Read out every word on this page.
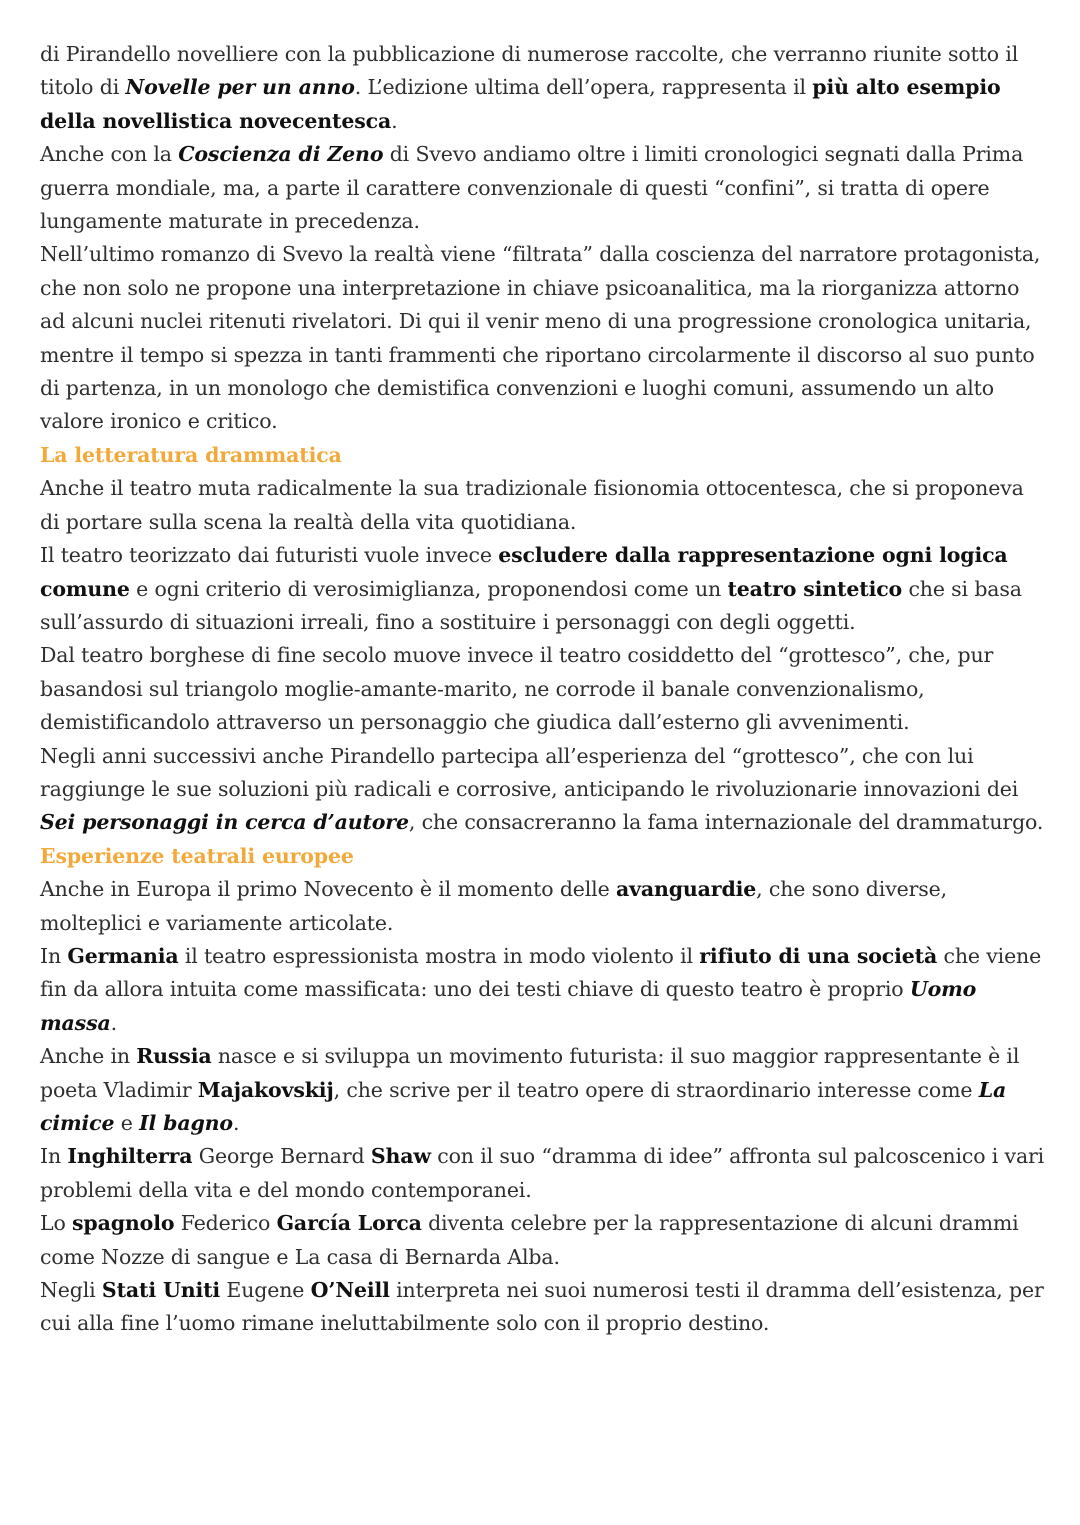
di Pirandello novelliere con la pubblicazione di numerose raccolte, che verranno riunite sotto il titolo di Novelle per un anno. L’edizione ultima dell’opera, rappresenta il più alto esempio della novellistica novecentesca.

Anche con la Coscienza di Zeno di Svevo andiamo oltre i limiti cronologici segnati dalla Prima guerra mondiale, ma, a parte il carattere convenzionale di questi “confini”, si tratta di opere lungamente maturate in precedenza.

Nell’ultimo romanzo di Svevo la realtà viene “filtrata” dalla coscienza del narratore protagonista, che non solo ne propone una interpretazione in chiave psicoanalitica, ma la riorganizza attorno ad alcuni nuclei ritenuti rivelatori. Di qui il venir meno di una progressione cronologica unitaria, mentre il tempo si spezza in tanti frammenti che riportano circolarmente il discorso al suo punto di partenza, in un monologo che demistifica convenzioni e luoghi comuni, assumendo un alto valore ironico e critico.

La letteratura drammatica

Anche il teatro muta radicalmente la sua tradizionale fisionomia ottocentesca, che si proponeva di portare sulla scena la realtà della vita quotidiana.

Il teatro teorizzato dai futuristi vuole invece escludere dalla rappresentazione ogni logica comune e ogni criterio di verosimiglianza, proponendosi come un teatro sintetico che si basa sull’assurdo di situazioni irreali, fino a sostituire i personaggi con degli oggetti.

Dal teatro borghese di fine secolo muove invece il teatro cosiddetto del “grottesco”, che, pur basandosi sul triangolo moglie-amante-marito, ne corrode il banale convenzionalismo, demistificandolo attraverso un personaggio che giudica dall’esterno gli avvenimenti.

Negli anni successivi anche Pirandello partecipa all’esperienza del “grottesco”, che con lui raggiunge le sue soluzioni più radicali e corrosive, anticipando le rivoluzionarie innovazioni dei Sei personaggi in cerca d’autore, che consacreranno la fama internazionale del drammaturgo.

Esperienze teatrali europee

Anche in Europa il primo Novecento è il momento delle avanguardie, che sono diverse, molteplici e variamente articolate.

In Germania il teatro espressionista mostra in modo violento il rifiuto di una società che viene fin da allora intuita come massificata: uno dei testi chiave di questo teatro è proprio Uomo massa.

Anche in Russia nasce e si sviluppa un movimento futurista: il suo maggior rappresentante è il poeta Vladimir Majakovskij, che scrive per il teatro opere di straordinario interesse come La cimice e Il bagno.

In Inghilterra George Bernard Shaw con il suo “dramma di idee” affronta sul palcoscenico i vari problemi della vita e del mondo contemporanei.

Lo spagnolo Federico García Lorca diventa celebre per la rappresentazione di alcuni drammi come Nozze di sangue e La casa di Bernarda Alba.

Negli Stati Uniti Eugene O’Neill interpreta nei suoi numerosi testi il dramma dell’esistenza, per cui alla fine l’uomo rimane ineluttabilmente solo con il proprio destino.
